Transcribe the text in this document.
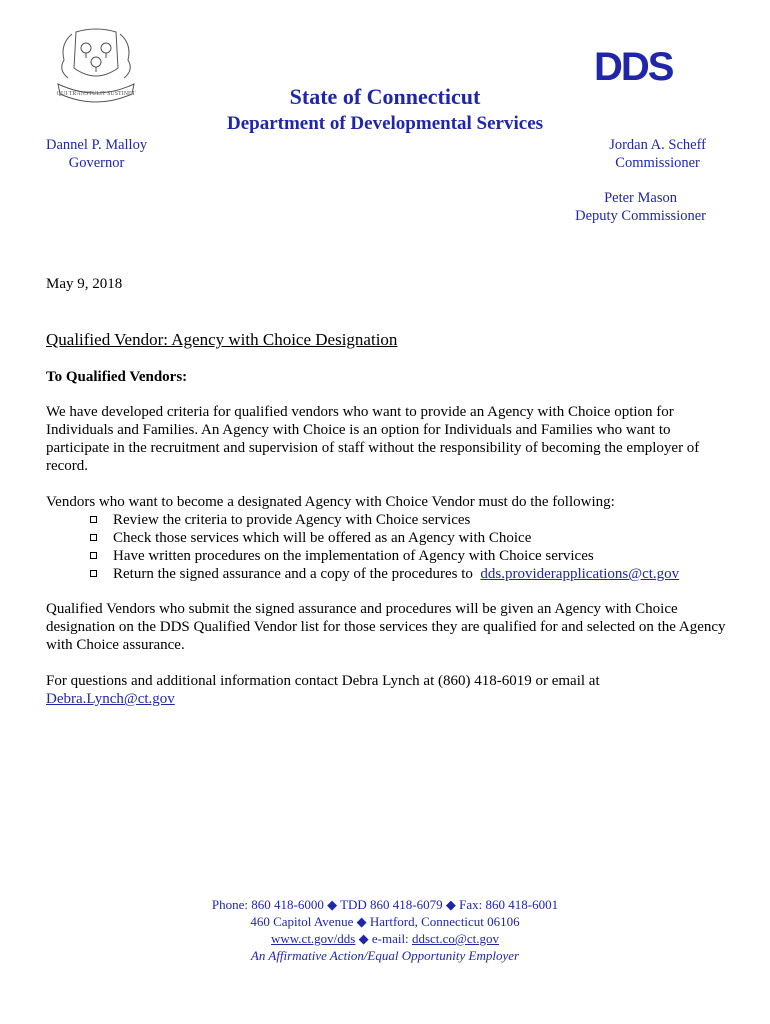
QUI TRANSTULIT SUSTINET
DDS
State of Connecticut
Department of Developmental Services
Dannel P. Malloy
Governor
Jordan A. Scheff
Commissioner
Peter Mason
Deputy Commissioner
May 9, 2018
Qualified Vendor: Agency with Choice Designation
To Qualified Vendors:
We have developed criteria for qualified vendors who want to provide an Agency with Choice option for Individuals and Families. An Agency with Choice is an option for Individuals and Families who want to participate in the recruitment and supervision of staff without the responsibility of becoming the employer of record.
Vendors who want to become a designated Agency with Choice Vendor must do the following:
Review the criteria to provide Agency with Choice services
Check those services which will be offered as an Agency with Choice
Have written procedures on the implementation of Agency with Choice services
Return the signed assurance and a copy of the procedures to dds.providerapplications@ct.gov
Qualified Vendors who submit the signed assurance and procedures will be given an Agency with Choice designation on the DDS Qualified Vendor list for those services they are qualified for and selected on the Agency with Choice assurance.
For questions and additional information contact Debra Lynch at (860) 418-6019 or email at
Debra.Lynch@ct.gov
Phone: 860 418-6000 ◆ TDD 860 418-6079 ◆ Fax: 860 418-6001
460 Capitol Avenue ◆ Hartford, Connecticut 06106
www.ct.gov/dds ◆ e-mail: ddsct.co@ct.gov
An Affirmative Action/Equal Opportunity Employer
